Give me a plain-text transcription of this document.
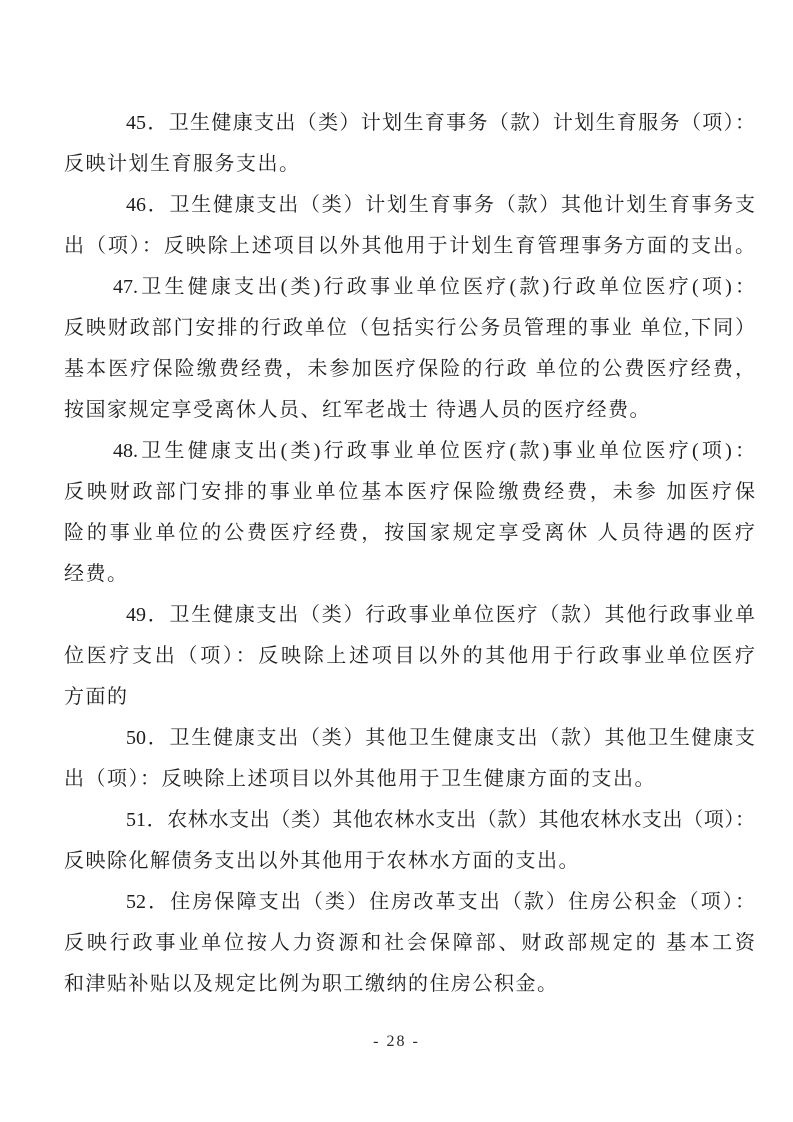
45．卫生健康支出（类）计划生育事务（款）计划生育服务（项）：
反映计划生育服务支出。
46．卫生健康支出（类）计划生育事务（款）其他计划生育事务支
出（项）：反映除上述项目以外其他用于计划生育管理事务方面的支出。
47.卫生健康支出(类)行政事业单位医疗(款)行政单位医疗(项)：
反映财政部门安排的行政单位（包括实行公务员管理的事业 单位,下同）
基本医疗保险缴费经费，未参加医疗保险的行政 单位的公费医疗经费，
按国家规定享受离休人员、红军老战士 待遇人员的医疗经费。
48.卫生健康支出(类)行政事业单位医疗(款)事业单位医疗(项)：
反映财政部门安排的事业单位基本医疗保险缴费经费，未参 加医疗保
险的事业单位的公费医疗经费，按国家规定享受离休 人员待遇的医疗
经费。
49．卫生健康支出（类）行政事业单位医疗（款）其他行政事业单
位医疗支出（项）：反映除上述项目以外的其他用于行政事业单位医疗
方面的
50．卫生健康支出（类）其他卫生健康支出（款）其他卫生健康支
出（项）：反映除上述项目以外其他用于卫生健康方面的支出。
51．农林水支出（类）其他农林水支出（款）其他农林水支出（项）：
反映除化解债务支出以外其他用于农林水方面的支出。
52．住房保障支出（类）住房改革支出（款）住房公积金（项）：
反映行政事业单位按人力资源和社会保障部、财政部规定的 基本工资
和津贴补贴以及规定比例为职工缴纳的住房公积金。
- 28 -
